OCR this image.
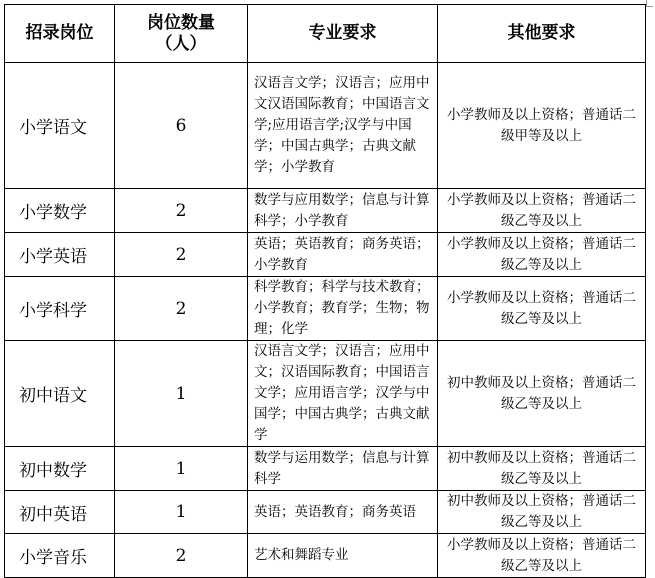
招录岗位	岗位数量（人）	专业要求	其他要求
小学语文	6	汉语言文学；汉语言；应用中文汉语国际教育；中国语言文学;应用语言学;汉学与中国学；中国古典学；古典文献学；小学教育	小学教师及以上资格；普通话二级甲等及以上
小学数学	2	数学与应用数学；信息与计算科学；小学教育	小学教师及以上资格；普通话二级乙等及以上
小学英语	2	英语；英语教育；商务英语；小学教育	小学教师及以上资格；普通话二级乙等及以上
小学科学	2	科学教育；科学与技术教育；小学教育；教育学；生物；物理；化学	小学教师及以上资格；普通话二级乙等及以上
初中语文	1	汉语言文学；汉语言；应用中文；汉语国际教育；中国语言文学；应用语言学；汉学与中国学；中国古典学；古典文献学	初中教师及以上资格；普通话二级乙等及以上
初中数学	1	数学与运用数学；信息与计算科学	初中教师及以上资格；普通话二级乙等及以上
初中英语	1	英语；英语教育；商务英语	初中教师及以上资格；普通话二级乙等及以上
小学音乐	2	艺术和舞蹈专业	小学教师及以上资格；普通话二级乙等及以上
